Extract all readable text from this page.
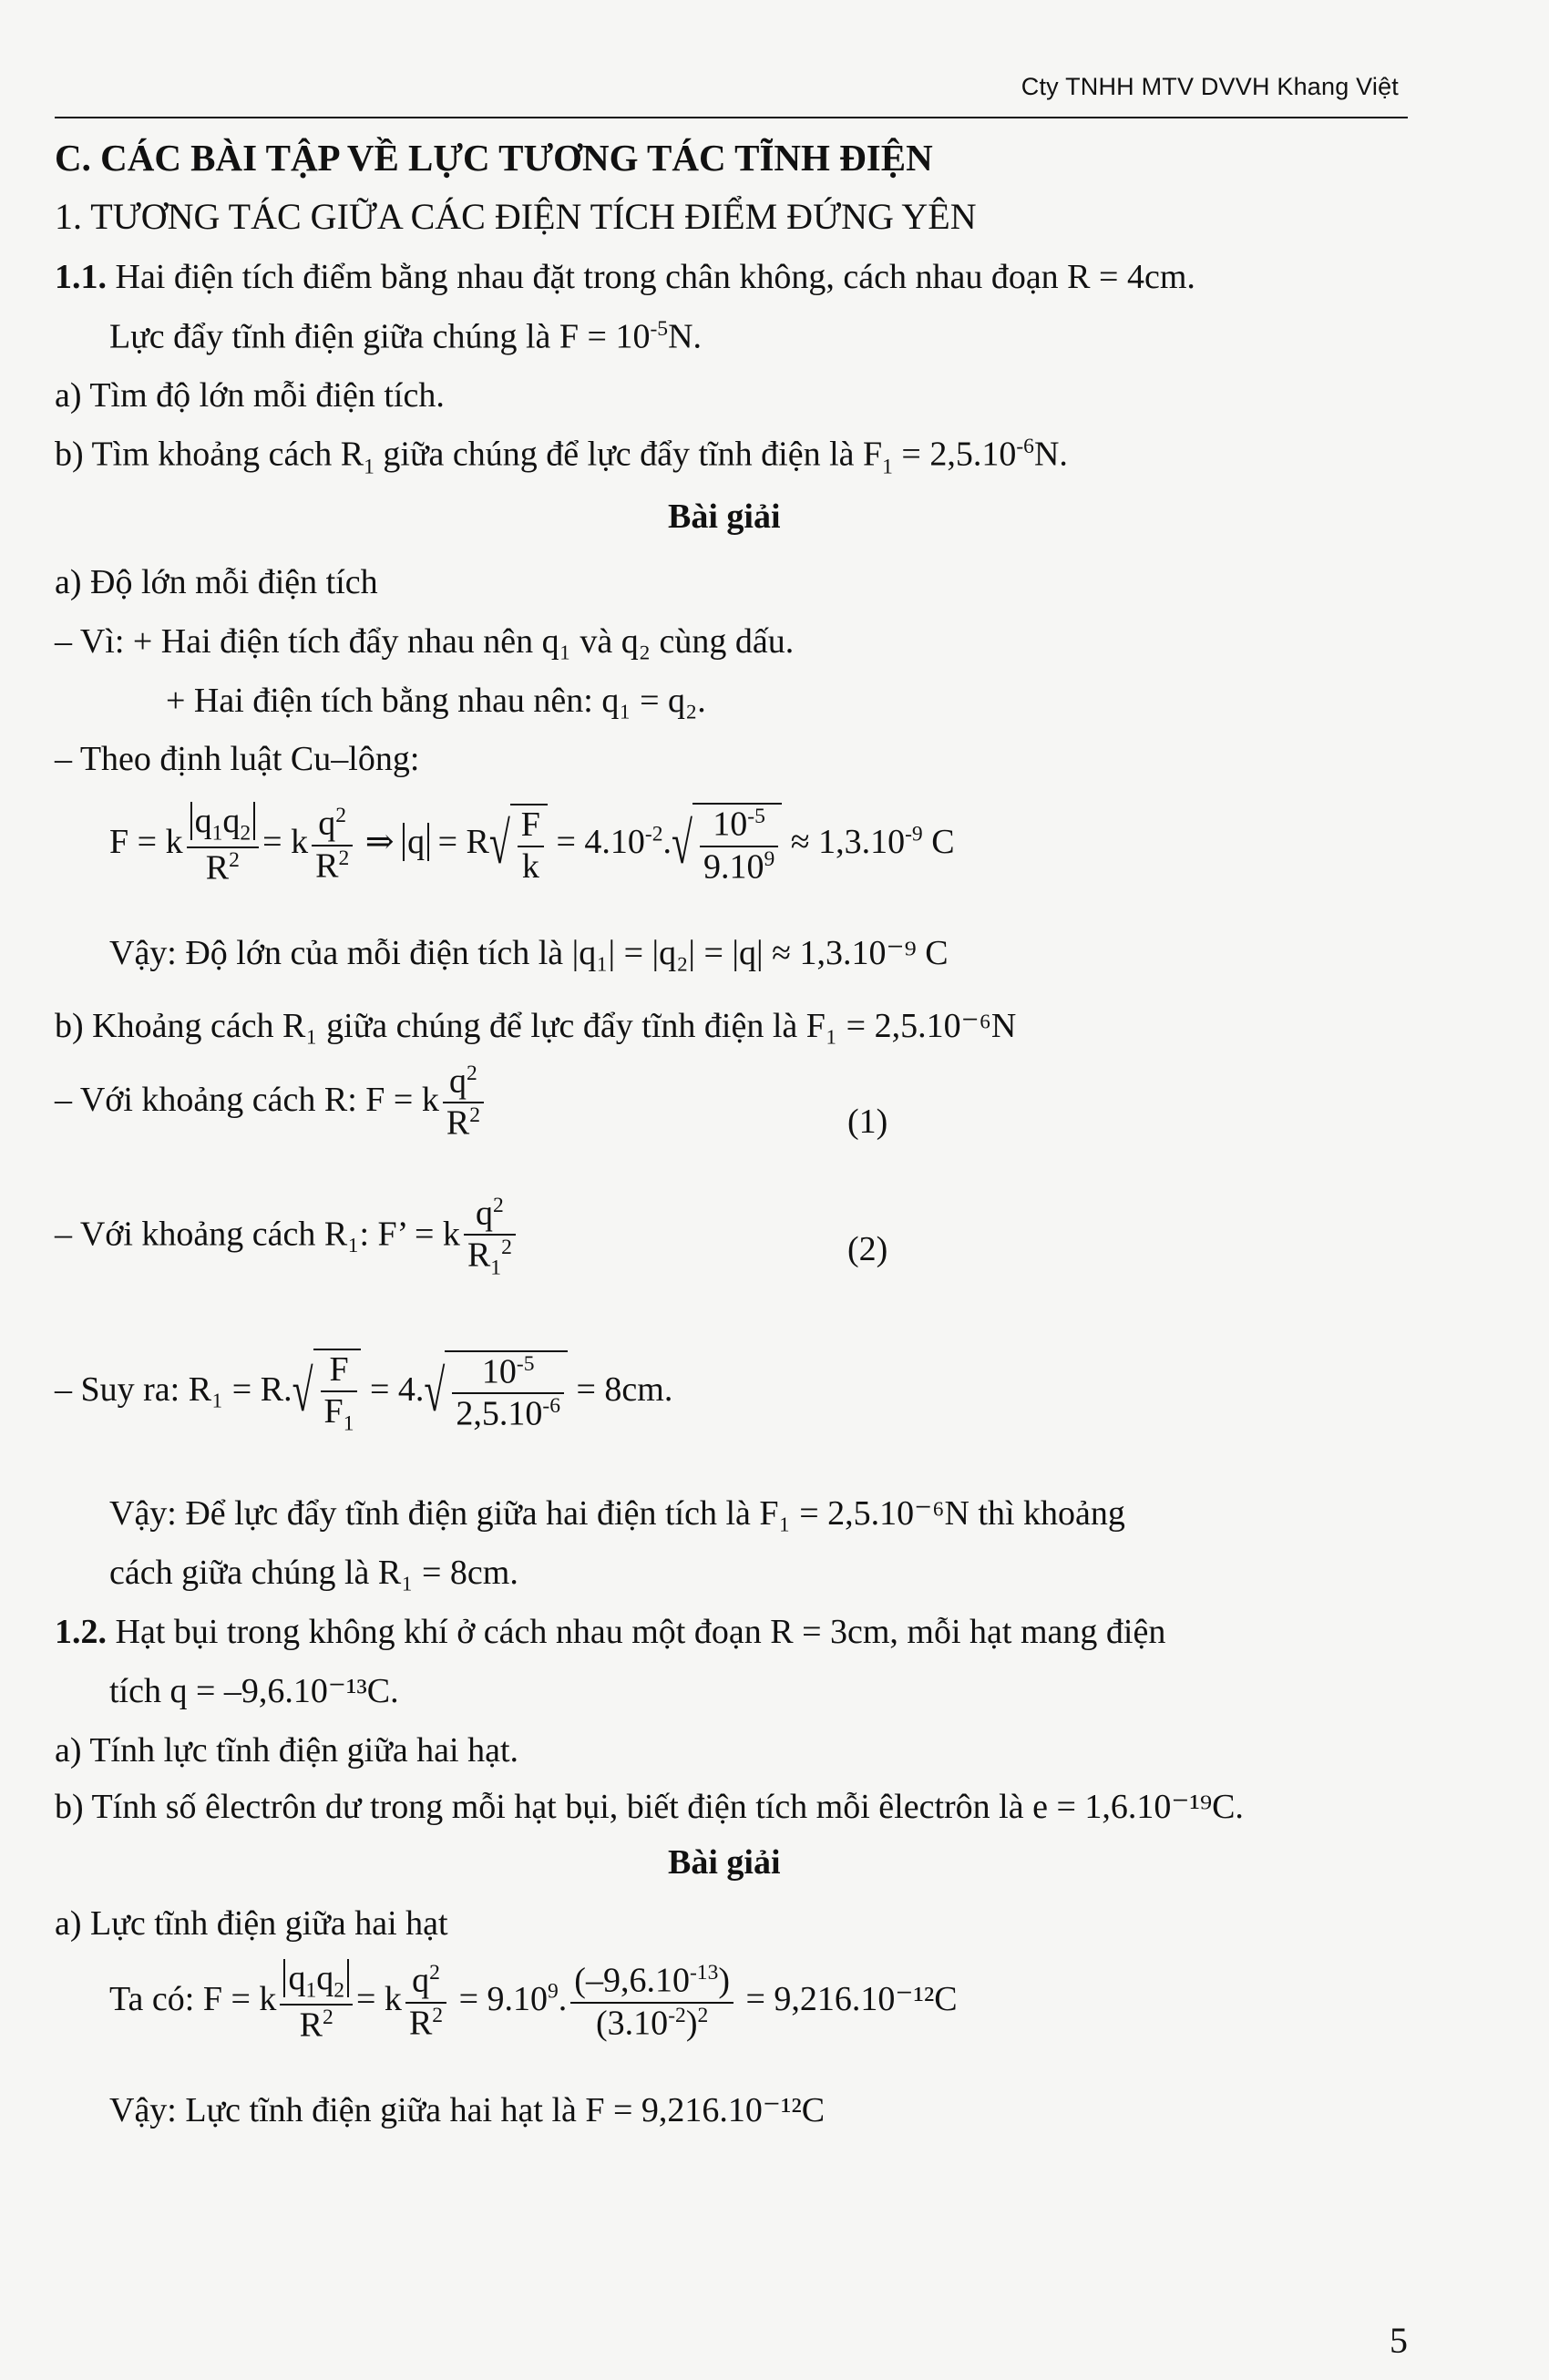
Cty TNHH MTV DVVH Khang Việt
C. CÁC BÀI TẬP VỀ LỰC TƯƠNG TÁC TĨNH ĐIỆN
1. TƯƠNG TÁC GIỮA CÁC ĐIỆN TÍCH ĐIỂM ĐỨNG YÊN
1.1. Hai điện tích điểm bằng nhau đặt trong chân không, cách nhau đoạn R = 4cm.
Lực đẩy tĩnh điện giữa chúng là $F = 10^{-5}N$.
a) Tìm độ lớn mỗi điện tích.
b) Tìm khoảng cách $R_1$ giữa chúng để lực đẩy tĩnh điện là $F_1 = 2,5.10^{-6}N$.
Bài giải
a) Độ lớn mỗi điện tích
– Vì: + Hai điện tích đẩy nhau nên q₁ và q₂ cùng dấu.
+ Hai điện tích bằng nhau nên: q₁ = q₂.
– Theo định luật Cu–lông:
F = k $\frac{q_1q_2}{R^2} = k \frac{q^2}{R^2}$ ⇒ $q = R√ \frac{F}{k} = 4.10^{-2}.√ \frac{10^{-5}}{9.10^9} \approx 1,3.10^{-9}$ C
Vậy: Độ lớn của mỗi điện tích là |q₁| = |q₂| = |q| ≈ 1,3.10⁻⁹ C
b) Khoảng cách R₁ giữa chúng để lực đẩy tĩnh điện là F₁ = 2,5.10⁻⁶N
– Với khoảng cách R: F = k $\frac{q^2}{R^2}$	(1)
– Với khoảng cách R₁: F’ = k $\frac{q^2}{R_1^2}$	(2)
– Suy ra: $R_1 = R.√ \frac{F}{F_1} = 4.√ \frac{10^{-5}}{2,5.10^{-6}} = 8cm$.
Vậy: Để lực đẩy tĩnh điện giữa hai điện tích là F₁ = 2,5.10⁻⁶N thì khoảng
cách giữa chúng là R₁ = 8cm.
1.2. Hạt bụi trong không khí ở cách nhau một đoạn R = 3cm, mỗi hạt mang điện
tích q = –9,6.10⁻¹³C.
a) Tính lực tĩnh điện giữa hai hạt.
b) Tính số êlectrôn dư trong mỗi hạt bụi, biết điện tích mỗi êlectrôn là e = 1,6.10⁻¹⁹C.
Bài giải
a) Lực tĩnh điện giữa hai hạt
Ta có: F = k $\frac{q_1q_2}{R^2} = k \frac{q^2}{R^2} = 9.10^9$. $\frac{(-9,6.10^{-13})}{(3.10^{-2})^2} = 9,216.10^{-12}C$
Vậy: Lực tĩnh điện giữa hai hạt là F = 9,216.10⁻¹²C
5
